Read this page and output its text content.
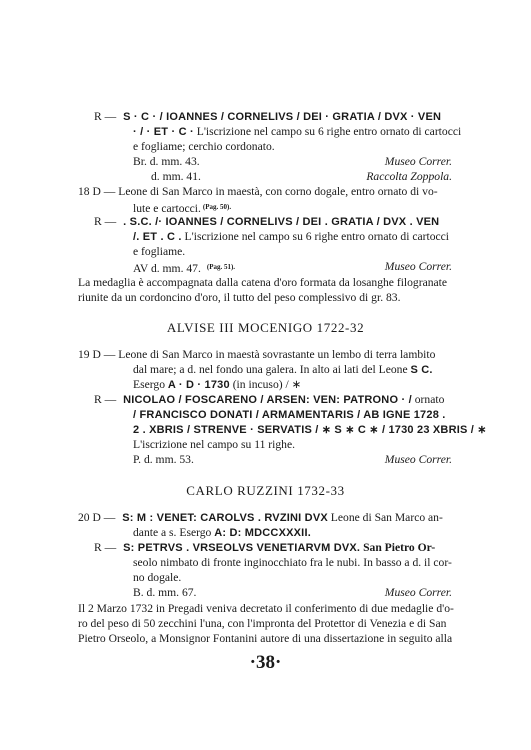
R — S · C · / IOANNES / CORNELIVS / DEI · GRATIA / DVX · VEN
· / · ET · C · L'iscrizione nel campo su 6 righe entro ornato di cartocci
e fogliame; cerchio cordonato.
Br. d. mm. 43.	Museo Correr.
d. mm. 41.	Raccolta Zoppola.
18 D — Leone di San Marco in maestà, con corno dogale, entro ornato di vo-
lute e cartocci. $^{(Pag. 50).}$
R — . S.C. /· IOANNES / CORNELIVS / DEI . GRATIA / DVX . VEN
/. ET . C . L'iscrizione nel campo su 6 righe entro ornato di cartocci
e fogliame.
AV d. mm. 47. $^{(Pag. 51).}$	Museo Correr.
La medaglia è accompagnata dalla catena d'oro formata da losanghe filogranate
riunite da un cordoncino d'oro, il tutto del peso complessivo di gr. 83.
ALVISE III MOCENIGO 1722-32
19 D — Leone di San Marco in maestà sovrastante un lembo di terra lambito
dal mare; a d. nel fondo una galera. In alto ai lati del Leone S C.
Esergo A · D · 1730 (in incuso) / ∗
R — NICOLAO / FOSCARENO / ARSEN: VEN: PATRONO · / ornato
/ FRANCISCO DONATI / ARMAMENTARIS / AB IGNE 1728 .
2 . XBRIS / STRENVE · SERVATIS / ∗ S ∗ C ∗ / 1730 23 XBRIS / ∗
L'iscrizione nel campo su 11 righe.
P. d. mm. 53.	Museo Correr.
CARLO RUZZINI 1732-33
20 D — S: M : VENET: CAROLVS . RVZINI DVX Leone di San Marco an-
dante a s. Esergo A: D: MDCCXXXII.
R — S: PETRVS . VRSEOLVS VENETIARVM DVX. San Pietro Or-
seolo nimbato di fronte inginocchiato fra le nubi. In basso a d. il cor-
no dogale.
B. d. mm. 67.	Museo Correr.
Il 2 Marzo 1732 in Pregadi veniva decretato il conferimento di due medaglie d'o-
ro del peso di 50 zecchini l'una, con l'impronta del Protettor di Venezia e di San
Pietro Orseolo, a Monsignor Fontanini autore di una dissertazione in seguito alla
·38·
